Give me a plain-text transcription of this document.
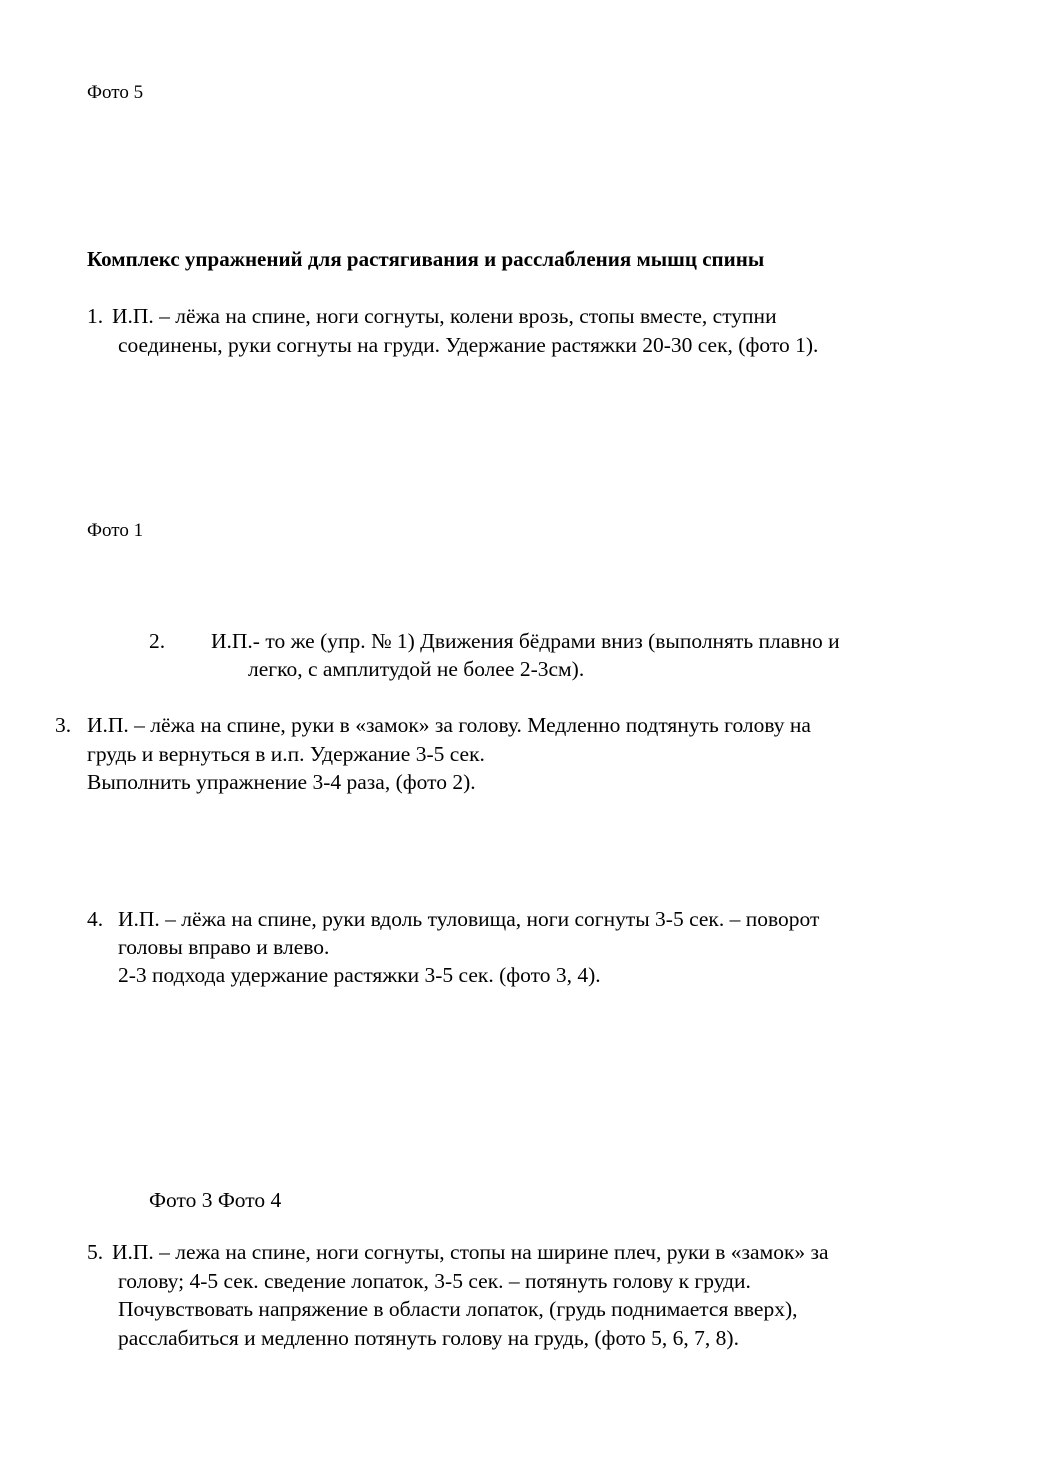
Фото 5
Комплекс упражнений для растягивания и расслабления мышц спины
1. И.П. – лёжа на спине, ноги согнуты, колени врозь, стопы вместе, ступни
соединены, руки согнуты на груди. Удержание растяжки 20-30 сек, (фото 1).
Фото 1
2. И.П.- то же (упр. № 1) Движения бёдрами вниз (выполнять плавно и
легко, с амплитудой не более 2-3см).
3. И.П. – лёжа на спине, руки в «замок» за голову. Медленно подтянуть голову на
грудь и вернуться в и.п. Удержание 3-5 сек.
Выполнить упражнение 3-4 раза, (фото 2).
4. И.П. – лёжа на спине, руки вдоль туловища, ноги согнуты 3-5 сек. – поворот
головы вправо и влево.
2-3 подхода удержание растяжки 3-5 сек. (фото 3, 4).
Фото 3 Фото 4
5. И.П. – лежа на спине, ноги согнуты, стопы на ширине плеч, руки в «замок» за
голову; 4-5 сек. сведение лопаток, 3-5 сек. – потянуть голову к груди.
Почувствовать напряжение в области лопаток, (грудь поднимается вверх),
расслабиться и медленно потянуть голову на грудь, (фото 5, 6, 7, 8).
